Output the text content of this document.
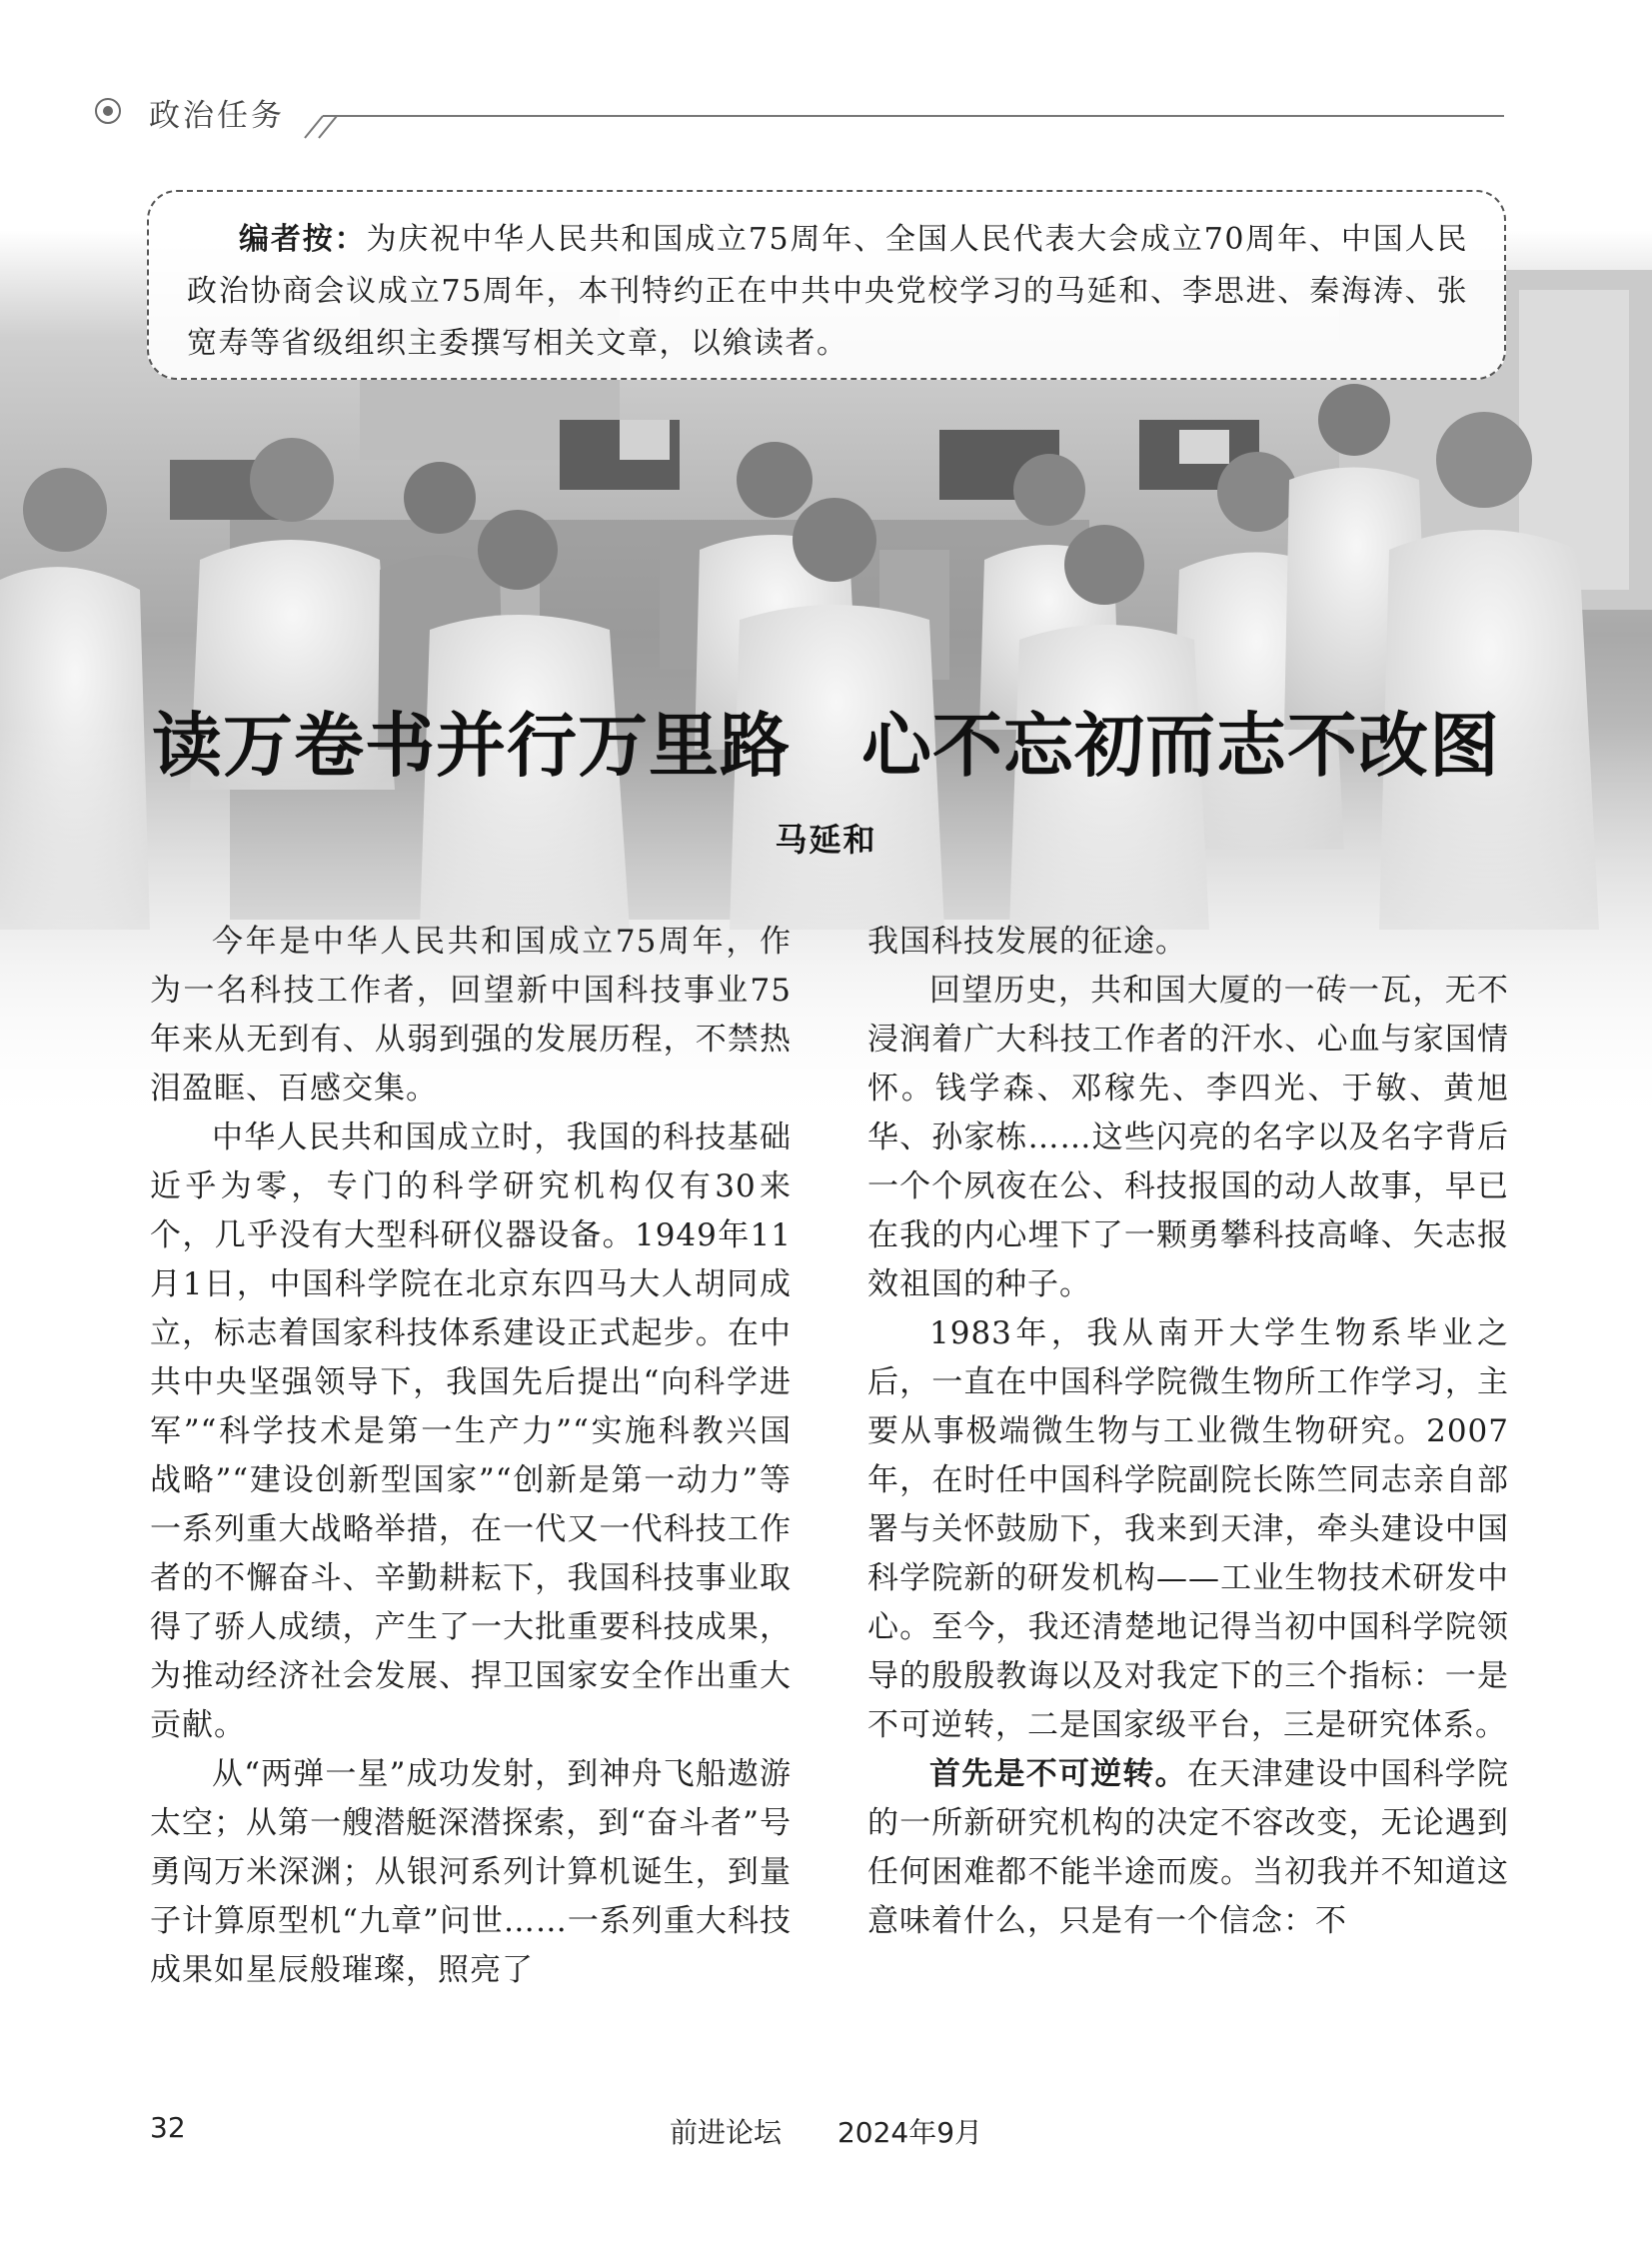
政治任务
编者按：为庆祝中华人民共和国成立75周年、全国人民代表大会成立70周年、中国人民政治协商会议成立75周年，本刊特约正在中共中央党校学习的马延和、李思进、秦海涛、张宽寿等省级组织主委撰写相关文章，以飨读者。
读万卷书并行万里路　心不忘初而志不改图
马延和

今年是中华人民共和国成立75周年，作为一名科技工作者，回望新中国科技事业75年来从无到有、从弱到强的发展历程，不禁热泪盈眶、百感交集。

中华人民共和国成立时，我国的科技基础近乎为零，专门的科学研究机构仅有30来个，几乎没有大型科研仪器设备。1949年11月1日，中国科学院在北京东四马大人胡同成立，标志着国家科技体系建设正式起步。在中共中央坚强领导下，我国先后提出“向科学进军”“科学技术是第一生产力”“实施科教兴国战略”“建设创新型国家”“创新是第一动力”等一系列重大战略举措，在一代又一代科技工作者的不懈奋斗、辛勤耕耘下，我国科技事业取得了骄人成绩，产生了一大批重要科技成果，为推动经济社会发展、捍卫国家安全作出重大贡献。

从“两弹一星”成功发射，到神舟飞船遨游太空；从第一艘潜艇深潜探索，到“奋斗者”号勇闯万米深渊；从银河系列计算机诞生，到量子计算原型机“九章”问世……一系列重大科技成果如星辰般璀璨，照亮了

我国科技发展的征途。

回望历史，共和国大厦的一砖一瓦，无不浸润着广大科技工作者的汗水、心血与家国情怀。钱学森、邓稼先、李四光、于敏、黄旭华、孙家栋……这些闪亮的名字以及名字背后一个个夙夜在公、科技报国的动人故事，早已在我的内心埋下了一颗勇攀科技高峰、矢志报效祖国的种子。

1983年，我从南开大学生物系毕业之后，一直在中国科学院微生物所工作学习，主要从事极端微生物与工业微生物研究。2007年，在时任中国科学院副院长陈竺同志亲自部署与关怀鼓励下，我来到天津，牵头建设中国科学院新的研发机构——工业生物技术研发中心。至今，我还清楚地记得当初中国科学院领导的殷殷教诲以及对我定下的三个指标：一是不可逆转，二是国家级平台，三是研究体系。

首先是不可逆转。在天津建设中国科学院的一所新研究机构的决定不容改变，无论遇到任何困难都不能半途而废。当初我并不知道这意味着什么，只是有一个信念：不

32	前进论坛　　2024年9月
